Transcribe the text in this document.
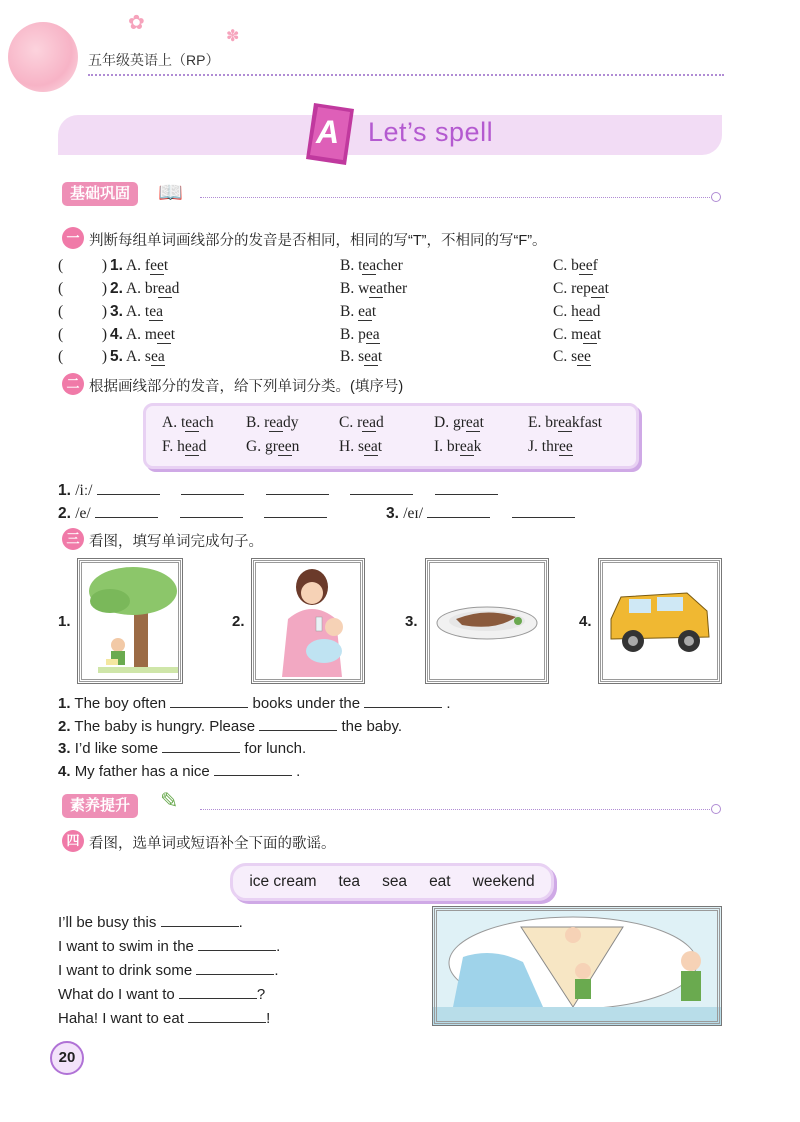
✿
✽
五年级英语上（RP）
A Let’s spell
基础巩固	📖
一 判断每组单词画线部分的发音是否相同，相同的写“T”，不相同的写“F”。
(          ) 1. A. feet	B. teacher	C. beef
(          ) 2. A. bread	B. weather	C. repeat
(          ) 3. A. tea	B. eat	C. head
(          ) 4. A. meet	B. pea	C. meat
(          ) 5. A. sea	B. seat	C. see
二 根据画线部分的发音，给下列单词分类。(填序号)
A. teach B. ready	C. read	D. great	E. breakfast
F. head	G. green	H. seat	I. break	J. three
1. /iː/
2. /e/	3. /eɪ/
三 看图，填写单词完成句子。
1.	2.	3.	4.
1. The boy often	books under the	.
2. The baby is hungry. Please	the baby.
3. I’d like some	for lunch.
4. My father has a nice	.
素养提升	✎
四 看图，选单词或短语补全下面的歌谣。
ice cream tea sea eat weekend
I’ll be busy this	.
I want to swim in the	.
I want to drink some	.
What do I want to	?
Haha! I want to eat	!
20
